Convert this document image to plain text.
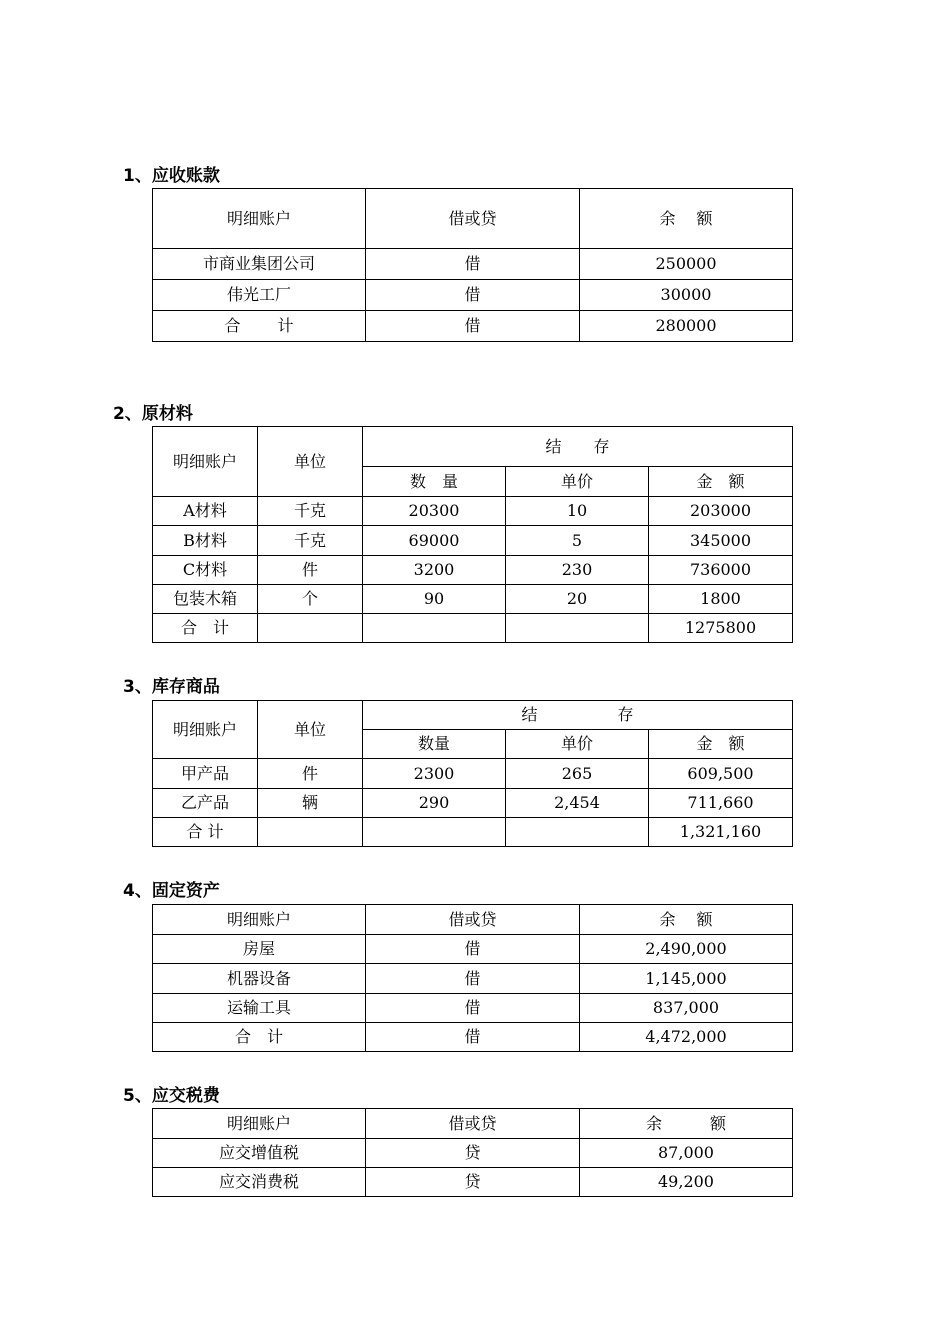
1、应收账款
明细账户	借或贷	余　 额
市商业集团公司	借	250000
伟光工厂	借	30000
合　　 计	借	280000
2、原材料
明细账户	单位	结　　存		
		数　量	单价	金　额
A材料	千克	20300	10	203000
B材料	千克	69000	5	345000
C材料	件	3200	230	736000
包装木箱	个	90	20	1800
合　计				1275800
3、库存商品
明细账户	单位	结　　　　　存		
		数量	单价	金　额
甲产品	件	2300	265	609,500
乙产品	辆	290	2,454	711,660
合 计				1,321,160
4、固定资产
明细账户	借或贷	余　 额
房屋	借	2,490,000
机器设备	借	1,145,000
运输工具	借	837,000
合　计	借	4,472,000
5、应交税费
明细账户	借或贷	余　　　额
应交增值税	贷	87,000
应交消费税	贷	49,200
